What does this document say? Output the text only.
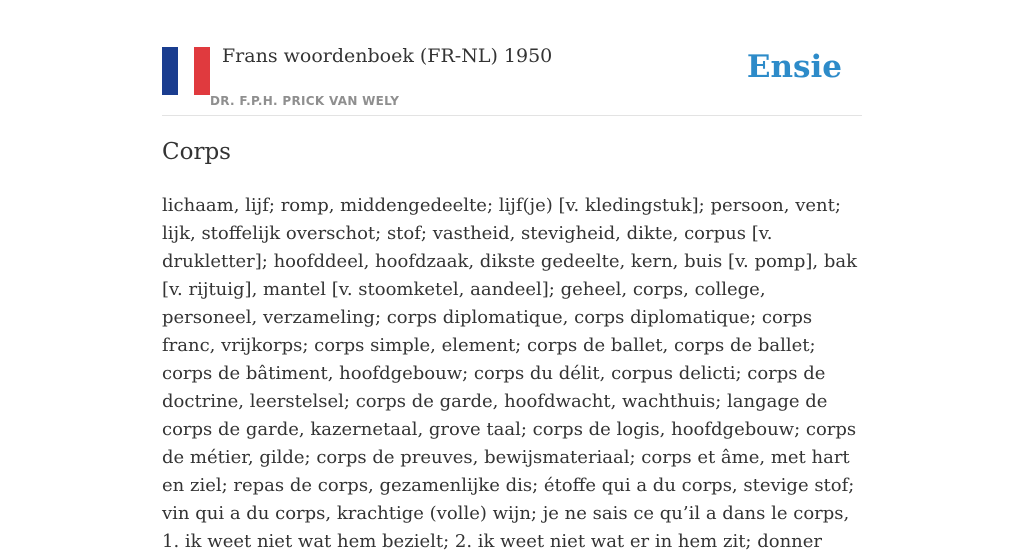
Frans woordenboek (FR-NL) 1950
DR. F.P.H. PRICK VAN WELY
Ensie
Corps

lichaam, lijf; romp, middengedeelte; lijf(je) [v. kledingstuk]; persoon, vent; lijk, stoffelijk overschot; stof; vastheid, stevigheid, dikte, corpus [v. drukletter]; hoofddeel, hoofdzaak, dikste gedeelte, kern, buis [v. pomp], bak [v. rijtuig], mantel [v. stoomketel, aandeel]; geheel, corps, college, personeel, verzameling; corps diplomatique, corps diplomatique; corps franc, vrijkorps; corps simple, element; corps de ballet, corps de ballet; corps de bâtiment, hoofdgebouw; corps du délit, corpus delicti; corps de doctrine, leerstelsel; corps de garde, hoofdwacht, wachthuis; langage de corps de garde, kazernetaal, grove taal; corps de logis, hoofdgebouw; corps de métier, gilde; corps de preuves, bewijsmateriaal; corps et âme, met hart en ziel; repas de corps, gezamenlijke dis; étoffe qui a du corps, stevige stof; vin qui a du corps, krachtige (volle) wijn; je ne sais ce qu’il a dans le corps, 1. ik weet niet wat hem bezielt; 2. ik weet niet wat er in hem zit; donner
